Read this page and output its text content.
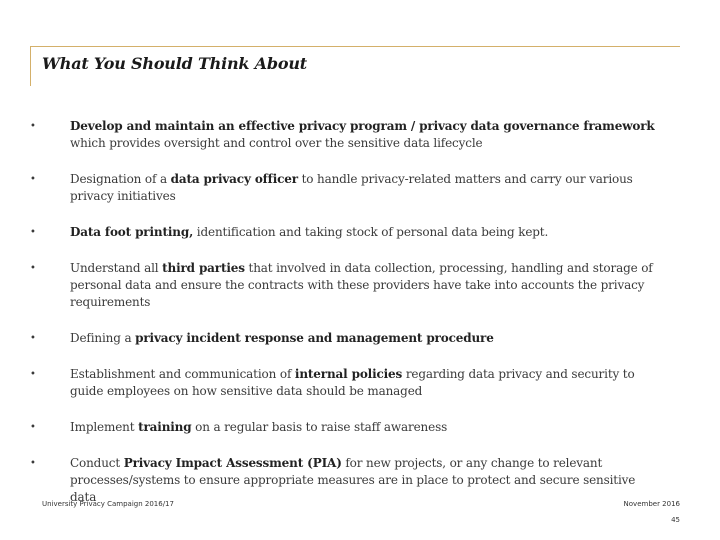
What You Should Think About
•	Develop and maintain an effective privacy program / privacy data governance framework which provides oversight and control over the sensitive data lifecycle
•	Designation of a data privacy officer to handle privacy-related matters and carry our various privacy initiatives
•	Data foot printing, identification and taking stock of personal data being kept.
•	Understand all third parties that involved in data collection, processing, handling and storage of personal data and ensure the contracts with these providers have take into accounts the privacy requirements
•	Defining a privacy incident response and management procedure
•	Establishment and communication of internal policies regarding data privacy and security to guide employees on how sensitive data should be managed
•	Implement training on a regular basis to raise staff awareness
•	Conduct Privacy Impact Assessment (PIA) for new projects, or any change to relevant processes/systems to ensure appropriate measures are in place to protect and secure sensitive data
University Privacy Campaign 2016/17	November 2016
45
